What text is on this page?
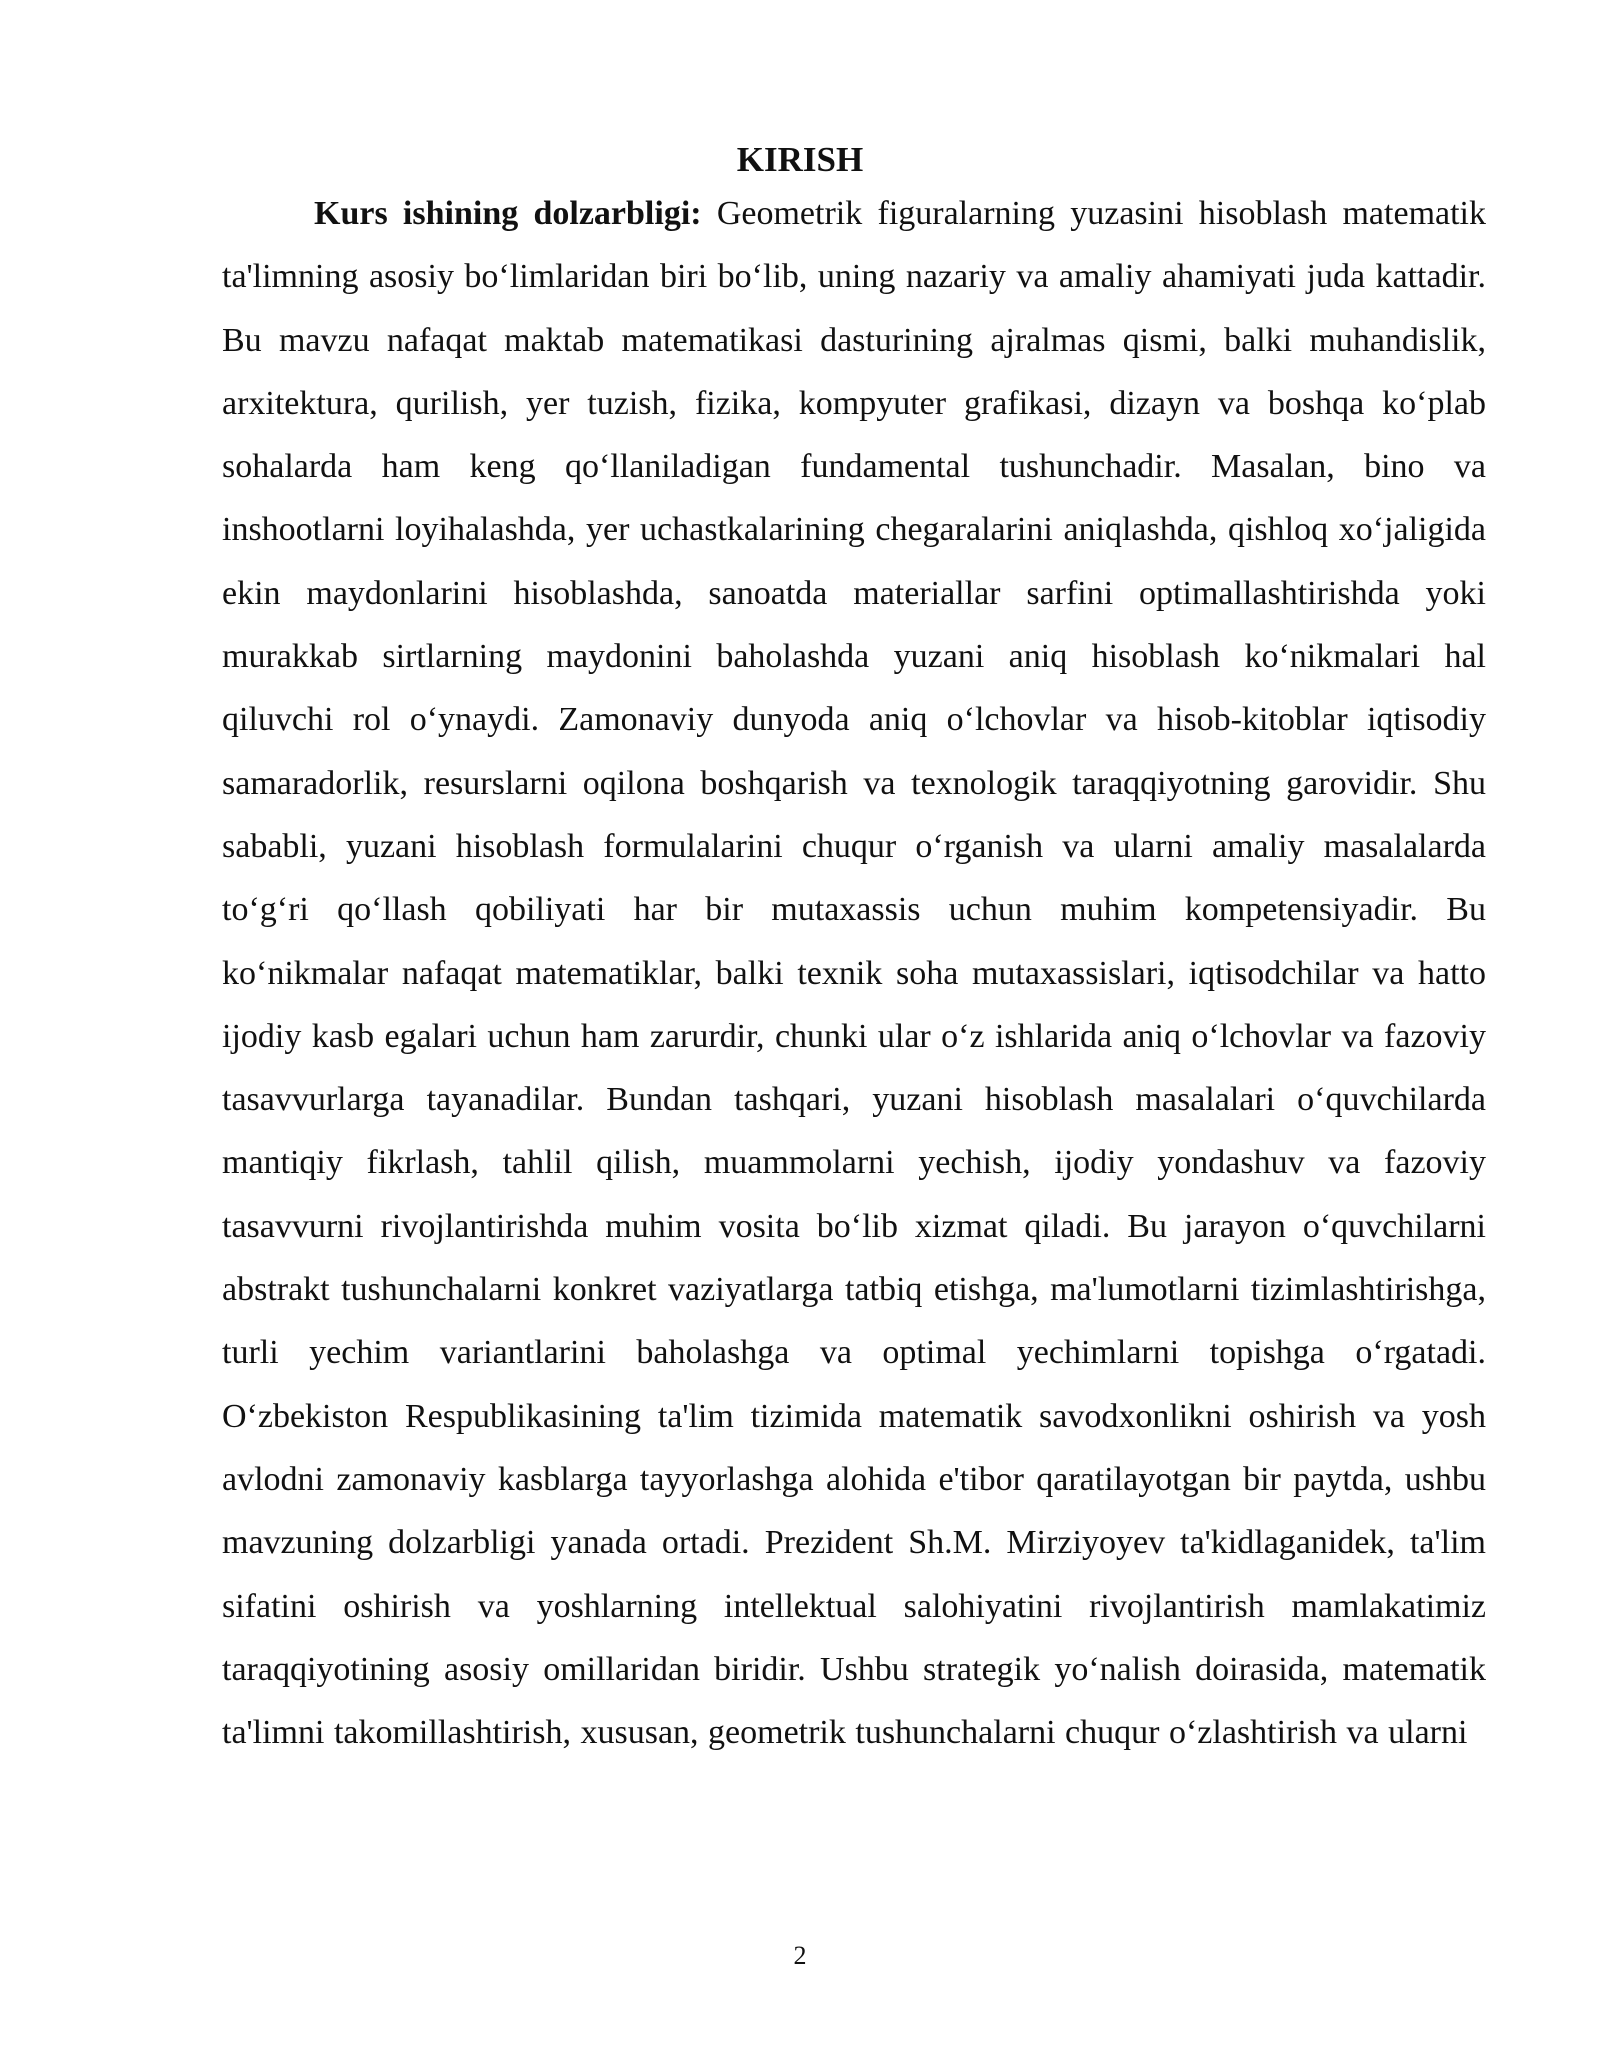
KIRISH

Kurs ishining dolzarbligi: Geometrik figuralarning yuzasini hisoblash matematik ta'limning asosiy bo‘limlaridan biri bo‘lib, uning nazariy va amaliy ahamiyati juda kattadir. Bu mavzu nafaqat maktab matematikasi dasturining ajralmas qismi, balki muhandislik, arxitektura, qurilish, yer tuzish, fizika, kompyuter grafikasi, dizayn va boshqa ko‘plab sohalarda ham keng qo‘llaniladigan fundamental tushunchadir. Masalan, bino va inshootlarni loyihalashda, yer uchastkalarining chegaralarini aniqlashda, qishloq xo‘jaligida ekin maydonlarini hisoblashda, sanoatda materiallar sarfini optimallashtirishda yoki murakkab sirtlarning maydonini baholashda yuzani aniq hisoblash ko‘nikmalari hal qiluvchi rol o‘ynaydi. Zamonaviy dunyoda aniq o‘lchovlar va hisob-kitoblar iqtisodiy samaradorlik, resurslarni oqilona boshqarish va texnologik taraqqiyotning garovidir. Shu sababli, yuzani hisoblash formulalarini chuqur o‘rganish va ularni amaliy masalalarda to‘g‘ri qo‘llash qobiliyati har bir mutaxassis uchun muhim kompetensiyadir. Bu ko‘nikmalar nafaqat matematiklar, balki texnik soha mutaxassislari, iqtisodchilar va hatto ijodiy kasb egalari uchun ham zarurdir, chunki ular o‘z ishlarida aniq o‘lchovlar va fazoviy tasavvurlarga tayanadilar. Bundan tashqari, yuzani hisoblash masalalari o‘quvchilarda mantiqiy fikrlash, tahlil qilish, muammolarni yechish, ijodiy yondashuv va fazoviy tasavvurni rivojlantirishda muhim vosita bo‘lib xizmat qiladi. Bu jarayon o‘quvchilarni abstrakt tushunchalarni konkret vaziyatlarga tatbiq etishga, ma'lumotlarni tizimlashtirishga, turli yechim variantlarini baholashga va optimal yechimlarni topishga o‘rgatadi. O‘zbekiston Respublikasining ta'lim tizimida matematik savodxonlikni oshirish va yosh avlodni zamonaviy kasblarga tayyorlashga alohida e'tibor qaratilayotgan bir paytda, ushbu mavzuning dolzarbligi yanada ortadi. Prezident Sh.M. Mirziyoyev ta'kidlaganidek, ta'lim sifatini oshirish va yoshlarning intellektual salohiyatini rivojlantirish mamlakatimiz taraqqiyotining asosiy omillaridan biridir. Ushbu strategik yo‘nalish doirasida, matematik ta'limni takomillashtirish, xususan, geometrik tushunchalarni chuqur o‘zlashtirish va ularni

2
